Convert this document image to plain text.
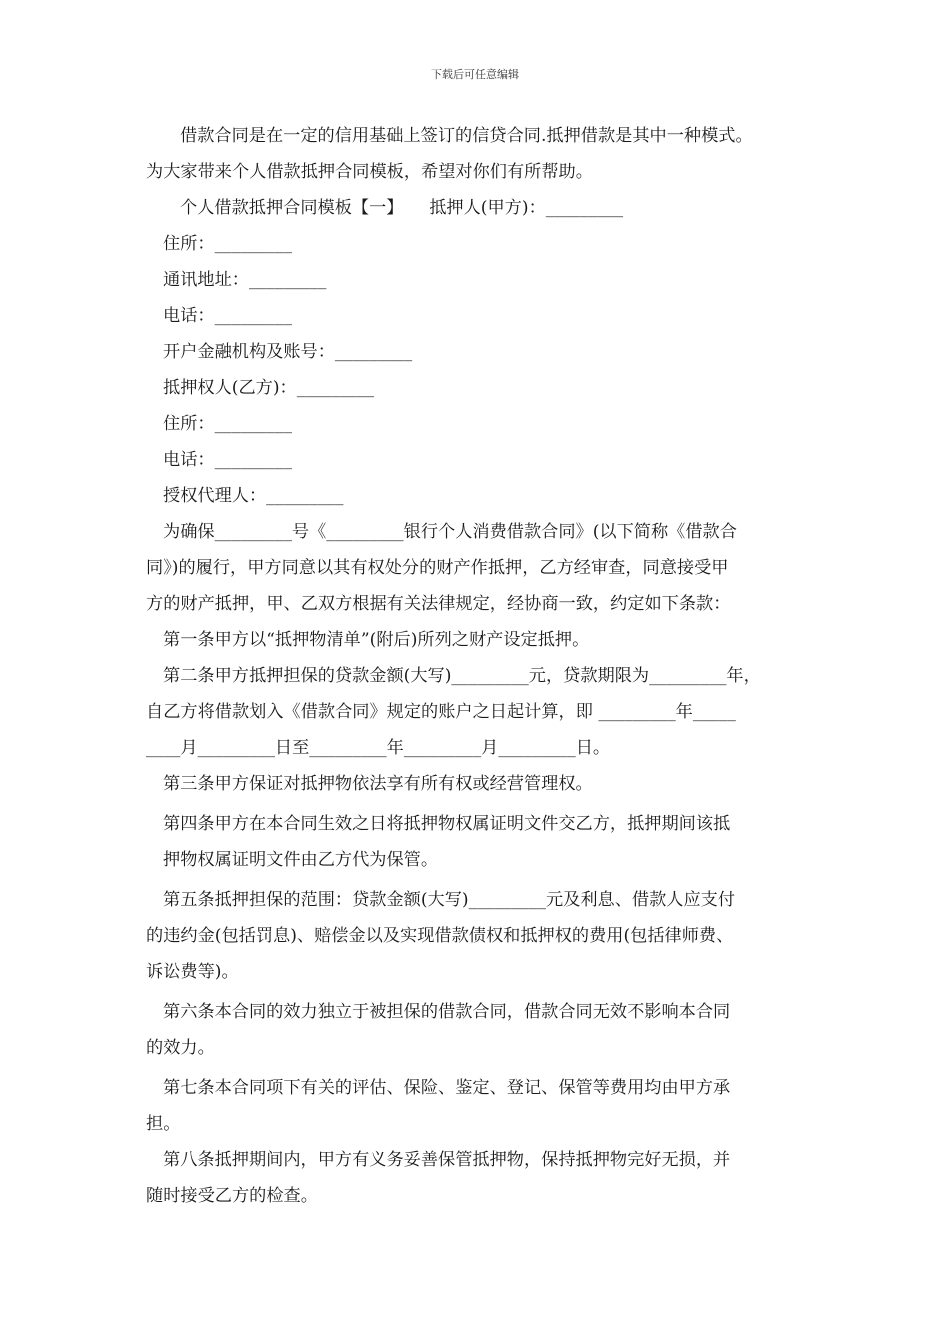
下载后可任意编辑
借款合同是在一定的信用基础上签订的信贷合同.抵押借款是其中一种模式。
为大家带来个人借款抵押合同模板，希望对你们有所帮助。
个人借款抵押合同模板【一】　　抵押人(甲方)：_________
住所：_________
通讯地址：_________
电话：_________
开户金融机构及账号：_________
抵押权人(乙方)：_________
住所：_________
电话：_________
授权代理人：_________
为确保_________号《_________银行个人消费借款合同》(以下简称《借款合
同》)的履行，甲方同意以其有权处分的财产作抵押，乙方经审查，同意接受甲
方的财产抵押，甲、乙双方根据有关法律规定，经协商一致，约定如下条款：
第一条甲方以“抵押物清单”(附后)所列之财产设定抵押。
第二条甲方抵押担保的贷款金额(大写)_________元，贷款期限为_________年，
自乙方将借款划入《借款合同》规定的账户之日起计算，即 _________年_____
____月_________日至_________年_________月_________日。
第三条甲方保证对抵押物依法享有所有权或经营管理权。
第四条甲方在本合同生效之日将抵押物权属证明文件交乙方，抵押期间该抵
押物权属证明文件由乙方代为保管。
第五条抵押担保的范围：贷款金额(大写)_________元及利息、借款人应支付
的违约金(包括罚息)、赔偿金以及实现借款债权和抵押权的费用(包括律师费、
诉讼费等)。
第六条本合同的效力独立于被担保的借款合同，借款合同无效不影响本合同
的效力。
第七条本合同项下有关的评估、保险、鉴定、登记、保管等费用均由甲方承
担。
第八条抵押期间内，甲方有义务妥善保管抵押物，保持抵押物完好无损，并
随时接受乙方的检查。
